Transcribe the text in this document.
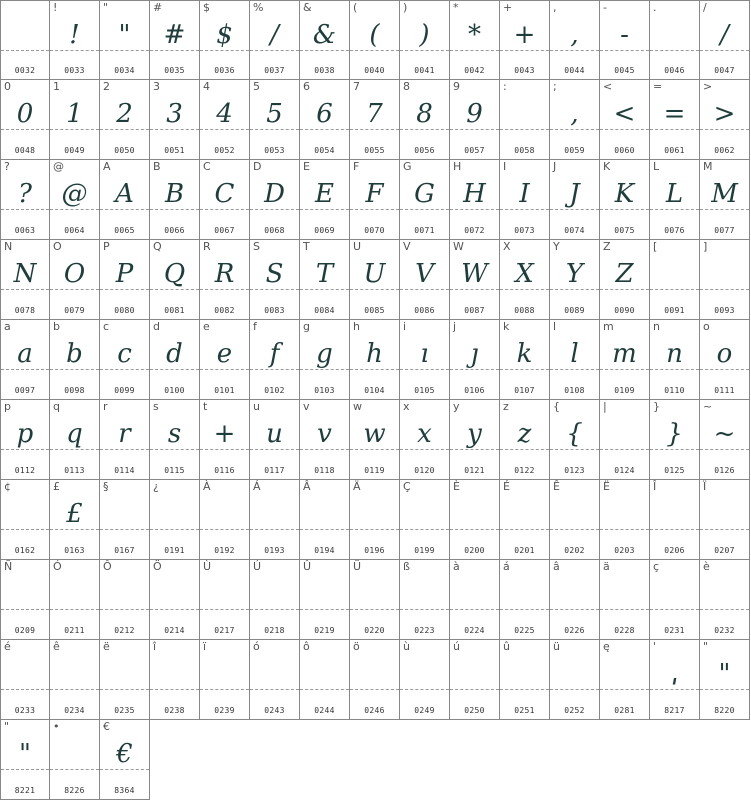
0032
!
!
0033
"
"
0034
#
#
0035
$
$
0036
%
/
0037
&
&
0038
(
(
0040
)
)
0041
*
*
0042
+
+
0043
,
,
0044
-
-
0045
.
0046
/
/
0047
0
0
0048
1
1
0049
2
2
0050
3
3
0051
4
4
0052
5
5
0053
6
6
0054
7
7
0055
8
8
0056
9
9
0057
:
0058
;
,
0059
<
<
0060
=
=
0061
>
>
0062
?
?
0063
@
@
0064
A
A
0065
B
B
0066
C
C
0067
D
D
0068
E
E
0069
F
F
0070
G
G
0071
H
H
0072
I
I
0073
J
J
0074
K
K
0075
L
L
0076
M
M
0077
N
N
0078
O
O
0079
P
P
0080
Q
Q
0081
R
R
0082
S
S
0083
T
T
0084
U
U
0085
V
V
0086
W
W
0087
X
X
0088
Y
Y
0089
Z
Z
0090
[
0091
]
0093
a
a
0097
b
b
0098
c
c
0099
d
d
0100
e
e
0101
f
f
0102
g
g
0103
h
h
0104
i
ı
0105
j
ȷ
0106
k
k
0107
l
l
0108
m
m
0109
n
n
0110
o
o
0111
p
p
0112
q
q
0113
r
r
0114
s
s
0115
t
+
0116
u
u
0117
v
v
0118
w
w
0119
x
x
0120
y
y
0121
z
z
0122
{
{
0123
|
0124
}
}
0125
~
~
0126
¢
0162
£
£
0163
§
0167
¿
0191
À
0192
Á
0193
Â
0194
Ä
0196
Ç
0199
È
0200
É
0201
Ê
0202
Ë
0203
Î
0206
Ï
0207
Ñ
0209
Ó
0211
Ô
0212
Ö
0214
Ù
0217
Ú
0218
Û
0219
Ü
0220
ß
0223
à
0224
á
0225
â
0226
ä
0228
ç
0231
è
0232
é
0233
ê
0234
ë
0235
î
0238
ï
0239
ó
0243
ô
0244
ö
0246
ù
0249
ú
0250
û
0251
ü
0252
ę
0281
'
ˌ
8217
"
"
8220
"
"
8221
•
8226
€
€
8364
